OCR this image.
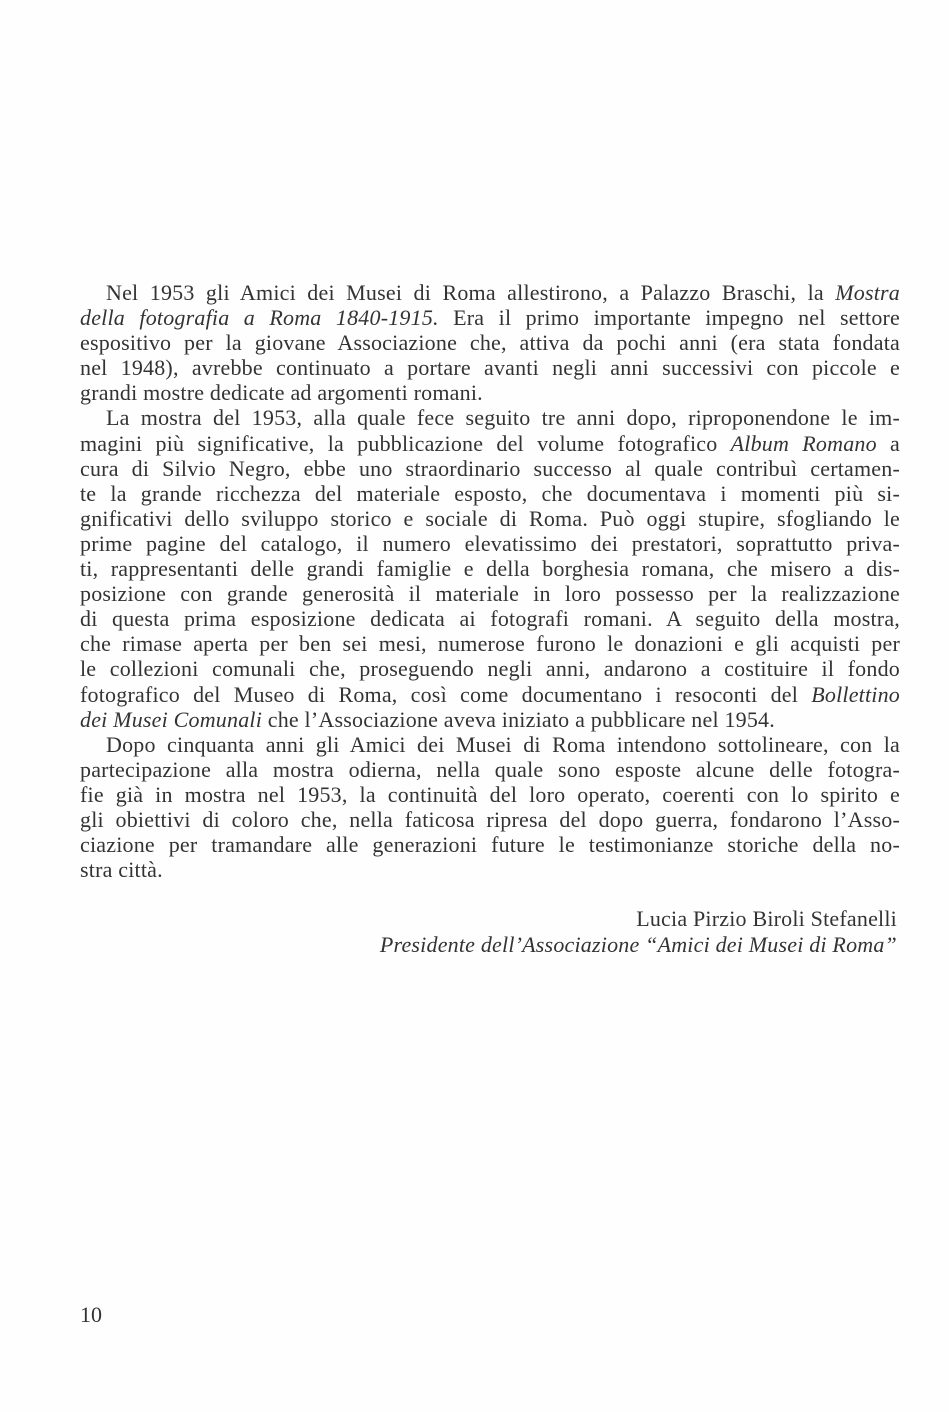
Nel 1953 gli Amici dei Musei di Roma allestirono, a Palazzo Braschi, la Mostra
della fotografia a Roma 1840-1915. Era il primo importante impegno nel settore
espositivo per la giovane Associazione che, attiva da pochi anni (era stata fondata
nel 1948), avrebbe continuato a portare avanti negli anni successivi con piccole e
grandi mostre dedicate ad argomenti romani.
La mostra del 1953, alla quale fece seguito tre anni dopo, riproponendone le im-
magini più significative, la pubblicazione del volume fotografico Album Romano a
cura di Silvio Negro, ebbe uno straordinario successo al quale contribuì certamen-
te la grande ricchezza del materiale esposto, che documentava i momenti più si-
gnificativi dello sviluppo storico e sociale di Roma. Può oggi stupire, sfogliando le
prime pagine del catalogo, il numero elevatissimo dei prestatori, soprattutto priva-
ti, rappresentanti delle grandi famiglie e della borghesia romana, che misero a dis-
posizione con grande generosità il materiale in loro possesso per la realizzazione
di questa prima esposizione dedicata ai fotografi romani. A seguito della mostra,
che rimase aperta per ben sei mesi, numerose furono le donazioni e gli acquisti per
le collezioni comunali che, proseguendo negli anni, andarono a costituire il fondo
fotografico del Museo di Roma, così come documentano i resoconti del Bollettino
dei Musei Comunali che l’Associazione aveva iniziato a pubblicare nel 1954.
Dopo cinquanta anni gli Amici dei Musei di Roma intendono sottolineare, con la
partecipazione alla mostra odierna, nella quale sono esposte alcune delle fotogra-
fie già in mostra nel 1953, la continuità del loro operato, coerenti con lo spirito e
gli obiettivi di coloro che, nella faticosa ripresa del dopo guerra, fondarono l’Asso-
ciazione per tramandare alle generazioni future le testimonianze storiche della no-
stra città.
Lucia Pirzio Biroli Stefanelli
Presidente dell’Associazione “Amici dei Musei di Roma”
10
